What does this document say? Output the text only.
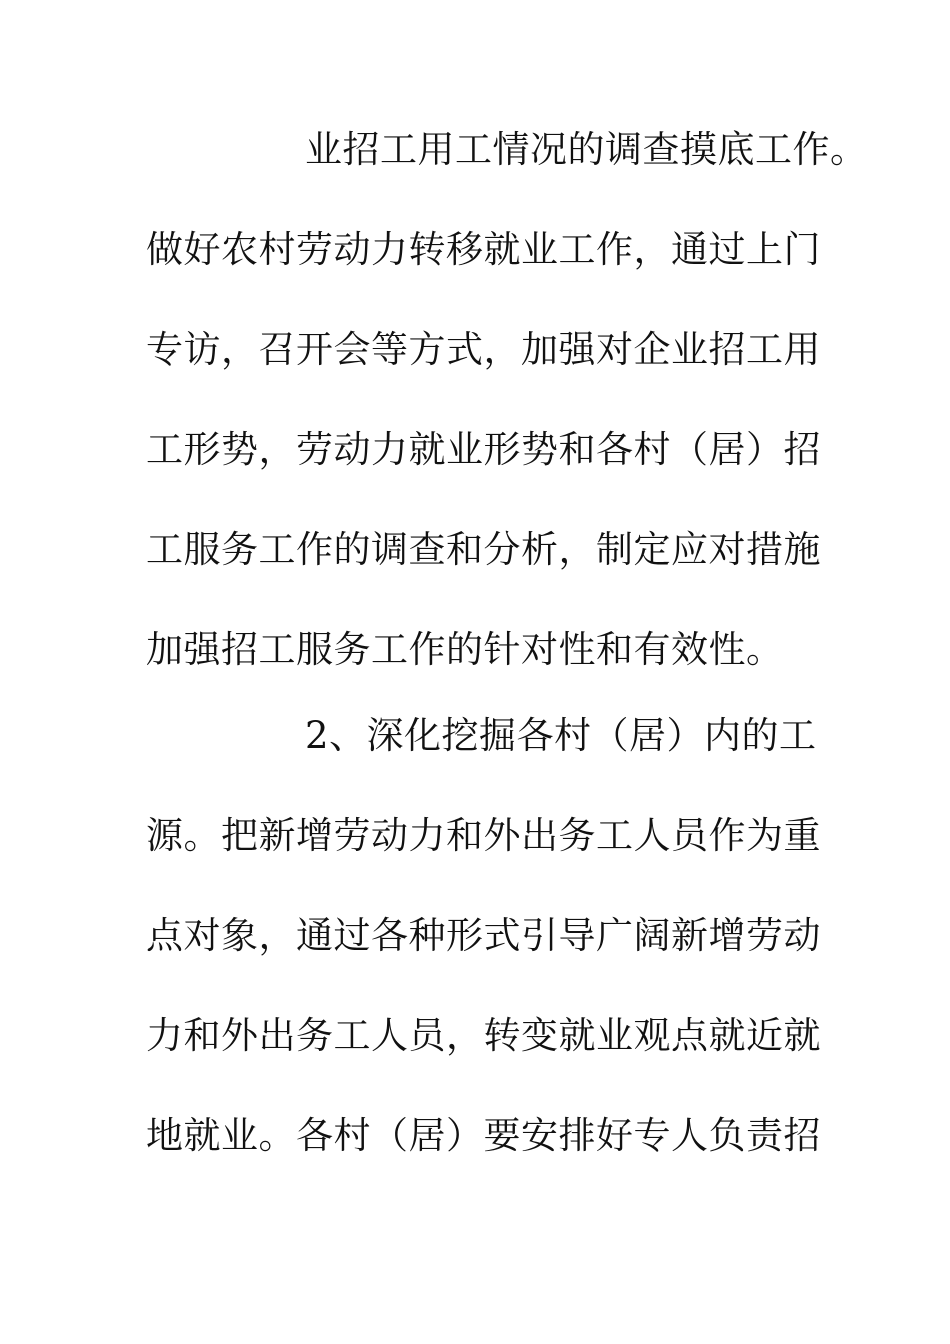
业招工用工情况的调查摸底工作。
做好农村劳动力转移就业工作，通过上门
专访，召开会等方式，加强对企业招工用
工形势，劳动力就业形势和各村（居）招
工服务工作的调查和分析，制定应对措施
加强招工服务工作的针对性和有效性。
2、深化挖掘各村（居）内的工
源。把新增劳动力和外出务工人员作为重
点对象，通过各种形式引导广阔新增劳动
力和外出务工人员，转变就业观点就近就
地就业。各村（居）要安排好专人负责招
